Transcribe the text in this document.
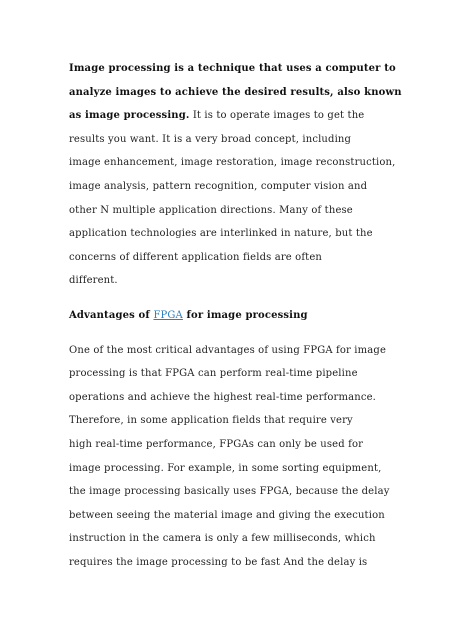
Image processing is a technique that uses a computer to
analyze images to achieve the desired results, also known
as image processing. It is to operate images to get the
results you want. It is a very broad concept, including
image enhancement, image restoration, image reconstruction,
image analysis, pattern recognition, computer vision and
other N multiple application directions. Many of these
application technologies are interlinked in nature, but the
concerns of different application fields are often
different.
Advantages of FPGA for image processing
One of the most critical advantages of using FPGA for image
processing is that FPGA can perform real-time pipeline
operations and achieve the highest real-time performance.
Therefore, in some application fields that require very
high real-time performance, FPGAs can only be used for
image processing. For example, in some sorting equipment,
the image processing basically uses FPGA, because the delay
between seeing the material image and giving the execution
instruction in the camera is only a few milliseconds, which
requires the image processing to be fast And the delay is
